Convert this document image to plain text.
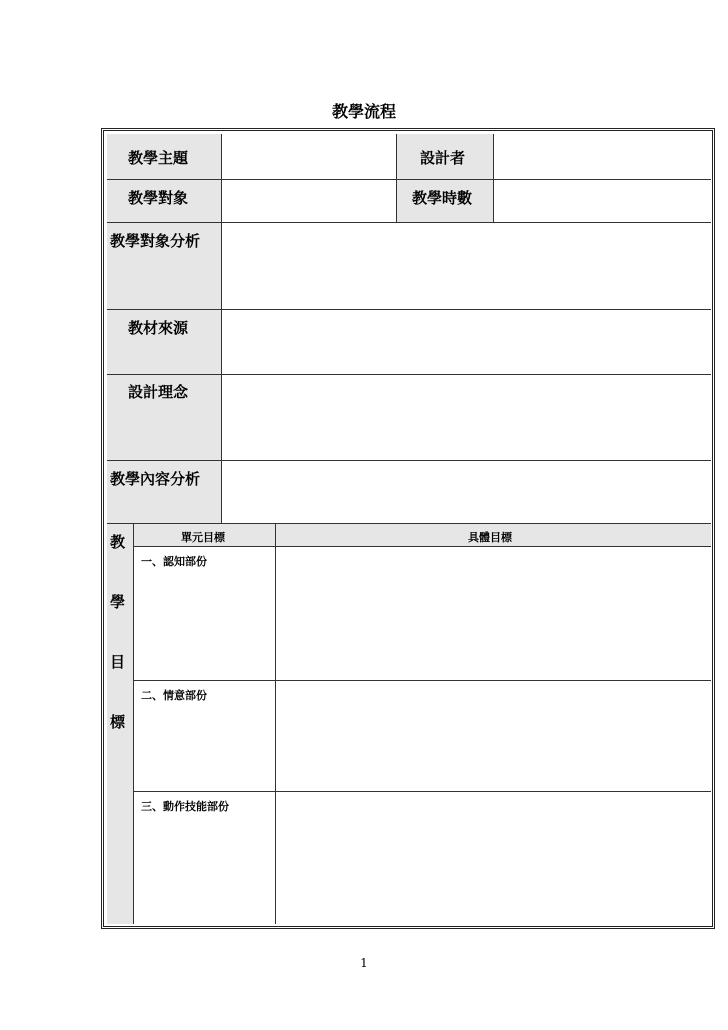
教學流程
教學主題	設計者
教學對象	教學時數
教學對象分析
教材來源
設計理念
教學內容分析
教
學
目
標
單元目標	具體目標
一、認知部份
二、情意部份
三、動作技能部份
1
